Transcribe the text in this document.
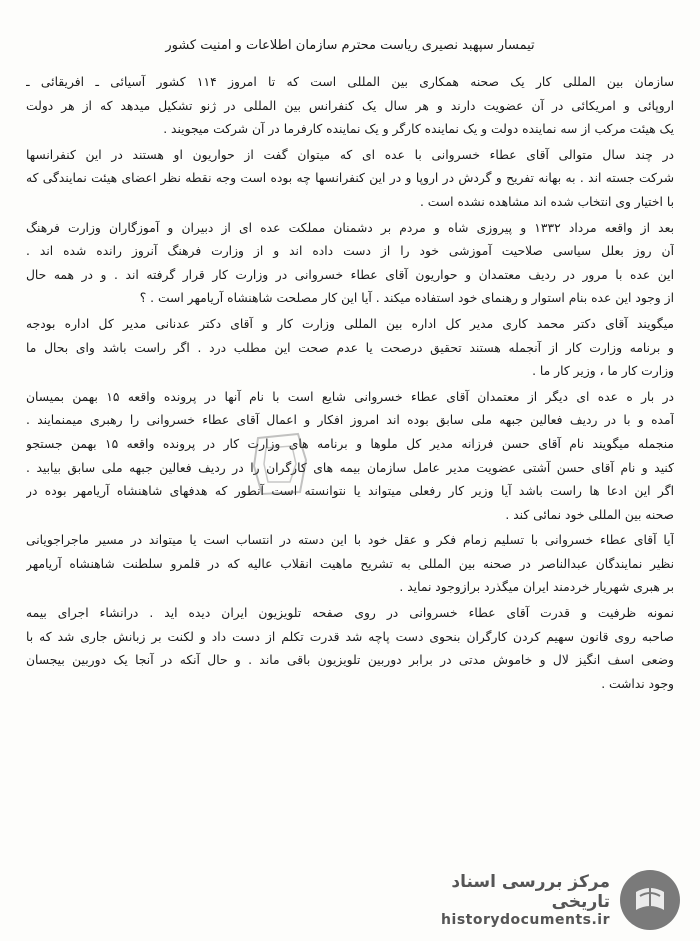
تیمسار سپهبد نصیری ریاست محترم سازمان اطلاعات و امنیت کشور
سازمان بین المللی کار یک صحنه همکاری بین المللی است که تا امروز ۱۱۴ کشور آسیائی ـ افریقائی ـ
اروپائی و امریکائی در آن عضویت دارند و هر سال یک کنفرانس بین المللی در ژنو تشکیل میدهد که از هر دولت
یک هیئت مرکب از سه نماینده دولت و یک نماینده کارگر و یک نماینده کارفرما در آن شرکت میجویند .
در چند سال متوالی آقای عطاء خسروانی با عده ای که میتوان گفت از حواریون او هستند در این کنفرانسها
شرکت جسته اند . به بهانه تفریح و گردش در اروپا و در این کنفرانسها چه بوده است وجه نقطه نظر اعضای هیئت نمایندگی که
با اختیار وی انتخاب شده اند مشاهده نشده است .
بعد از واقعه مرداد ۱۳۳۲ و پیروزی شاه و مردم بر دشمنان مملکت عده ای از دبیران و آموزگاران وزارت فرهنگ
آن روز بعلل سیاسی صلاحیت آموزشی خود را از دست داده اند و از وزارت فرهنگ آنروز رانده شده اند .
این عده با مرور در ردیف معتمدان و حواریون آقای عطاء خسروانی در وزارت کار قرار گرفته اند . و در همه حال
از وجود این عده بنام استوار و رهنمای خود استفاده میکند . آیا این کار مصلحت شاهنشاه آریامهر است . ؟
میگویند آقای دکتر محمد کاری مدیر کل اداره بین المللی وزارت کار و آقای دکتر عدنانی مدیر کل اداره بودجه
و برنامه وزارت کار از آنجمله هستند تحقیق درصحت یا عدم صحت این مطلب درد . اگر راست باشد وای بحال ما
وزارت کار ما ، وزیر کار ما .
در بار ه عده ای دیگر از معتمدان آقای عطاء خسروانی شایع است با نام آنها در پرونده واقعه ۱۵ بهمن بمیسان
آمده و با در ردیف فعالین جبهه ملی سابق بوده اند امروز افکار و اعمال آقای عطاء خسروانی را رهبری میمنمایند .
منجمله میگویند نام آقای حسن فرزانه مدیر کل ملوها و برنامه های وزارت کار در پرونده واقعه ۱۵ بهمن جستجو
کنید و نام آقای حسن آشتی عضویت مدیر عامل سازمان بیمه های کارگران را در ردیف فعالین جبهه ملی سابق بیابید .
اگر این ادعا ها راست باشد آیا وزیر کار رفعلی میتواند یا نتوانسته است آنطور که هدفهای شاهنشاه آریامهر بوده در
صحنه بین المللی خود نمائی کند .
آیا آقای عطاء خسروانی با تسلیم زمام فکر و عقل خود با این دسته در انتساب است یا میتواند در مسیر ماجراجویانی
نظیر نمایندگان عبدالناصر در صحنه بین المللی به تشریح ماهیت انقلاب عالیه که در قلمرو سلطنت شاهنشاه آریامهر
بر هبری شهریار خردمند ایران میگذرد برازوجود نماید .
نمونه ظرفیت و قدرت آقای عطاء خسروانی در روی صفحه تلویزیون ایران دیده اید . درانشاء اجرای بیمه
صاحبه روی قانون سهیم کردن کارگران بنحوی دست پاچه شد قدرت تکلم از دست داد و لکنت بر زبانش جاری شد که با
وضعی اسف انگیز لال و خاموش مدتی در برابر دوربین تلویزیون باقی ماند . و حال آنکه در آنجا یک دوربین بیجسان
وجود نداشت .
مرکز بررسی اسناد تاریخی
historydocuments.ir
